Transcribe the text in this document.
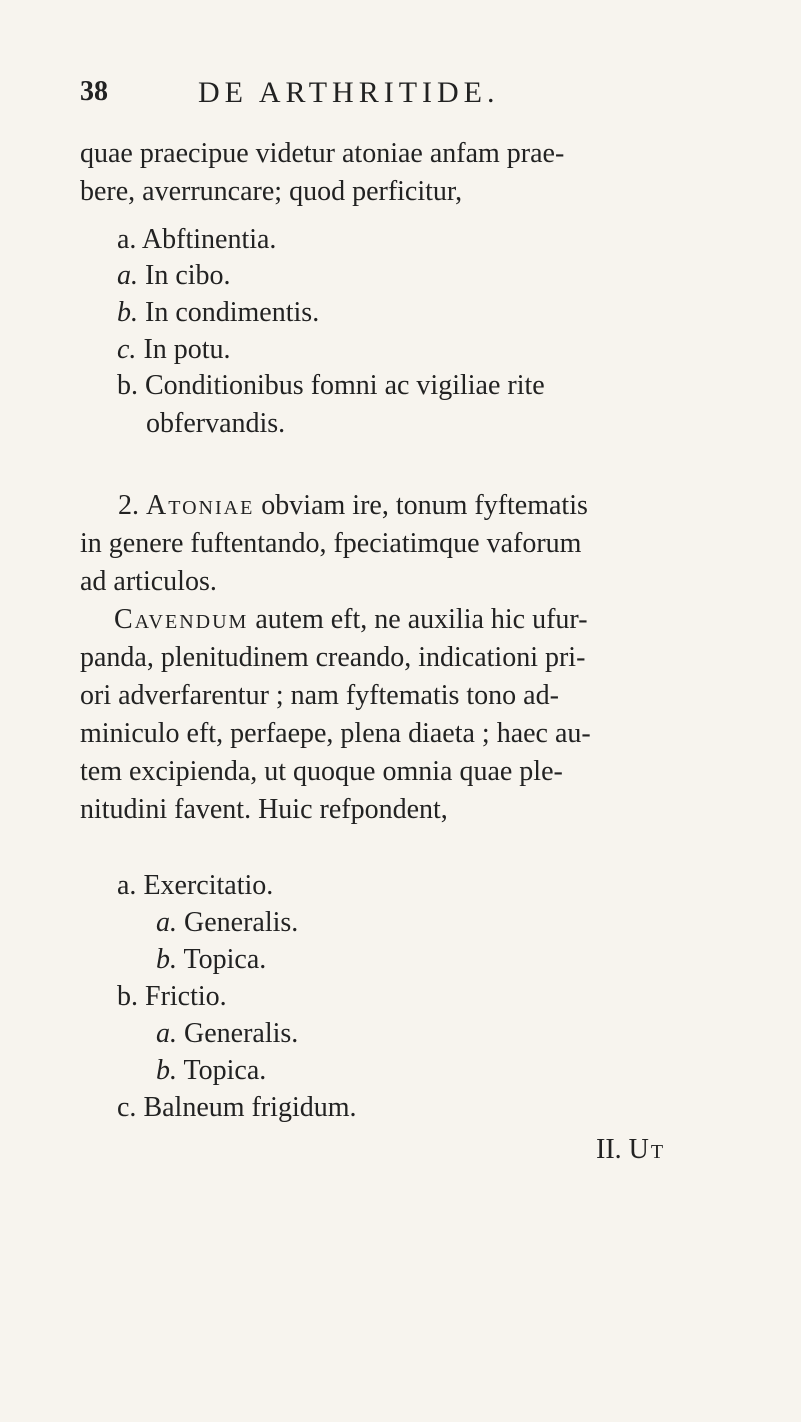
38	DE ARTHRITIDE.
quae praecipue videtur atoniae anfam prae-
bere, averruncare; quod perficitur,
a. Abftinentia.
a. In cibo.
b. In condimentis.
c. In potu.
b. Conditionibus fomni ac vigiliae rite
obfervandis.
2. Atoniae obviam ire, tonum fyftematis
in genere fuftentando, fpeciatimque vaforum
ad articulos.
Cavendum autem eft, ne auxilia hic ufur-
panda, plenitudinem creando, indicationi pri-
ori adverfarentur ; nam fyftematis tono ad-
miniculo eft, perfaepe, plena diaeta ; haec au-
tem excipienda, ut quoque omnia quae ple-
nitudini favent. Huic refpondent,
a. Exercitatio.
a. Generalis.
b. Topica.
b. Frictio.
a. Generalis.
b. Topica.
c. Balneum frigidum.
II. Ut
